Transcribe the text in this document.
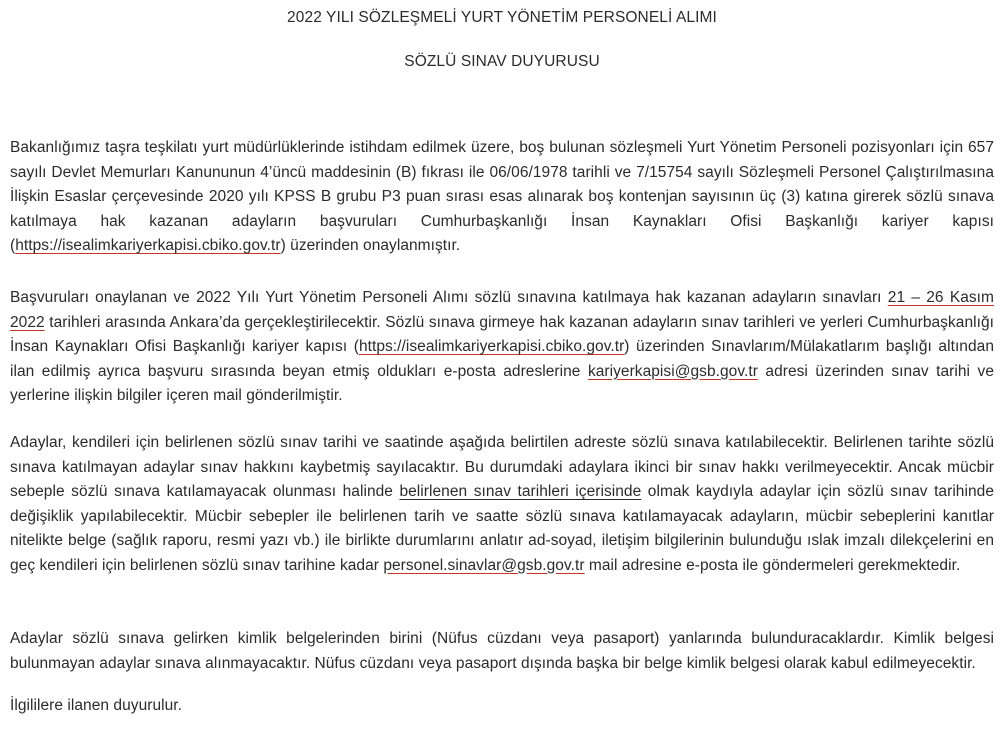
2022 YILI SÖZLEŞMELİ YURT YÖNETİM PERSONELİ ALIMI

SÖZLÜ SINAV DUYURUSU

Bakanlığımız taşra teşkilatı yurt müdürlüklerinde istihdam edilmek üzere, boş bulunan sözleşmeli Yurt Yönetim Personeli pozisyonları için 657 sayılı Devlet Memurları Kanununun 4’üncü maddesinin (B) fıkrası ile 06/06/1978 tarihli ve 7/15754 sayılı Sözleşmeli Personel Çalıştırılmasına İlişkin Esaslar çerçevesinde 2020 yılı KPSS B grubu P3 puan sırası esas alınarak boş kontenjan sayısının üç (3) katına girerek sözlü sınava katılmaya hak kazanan adayların başvuruları Cumhurbaşkanlığı İnsan Kaynakları Ofisi Başkanlığı kariyer kapısı (https://isealimkariyerkapisi.cbiko.gov.tr) üzerinden onaylanmıştır.

Başvuruları onaylanan ve 2022 Yılı Yurt Yönetim Personeli Alımı sözlü sınavına katılmaya hak kazanan adayların sınavları 21 – 26 Kasım 2022 tarihleri arasında Ankara’da gerçekleştirilecektir. Sözlü sınava girmeye hak kazanan adayların sınav tarihleri ve yerleri Cumhurbaşkanlığı İnsan Kaynakları Ofisi Başkanlığı kariyer kapısı (https://isealimkariyerkapisi.cbiko.gov.tr) üzerinden Sınavlarım/Mülakatlarım başlığı altından ilan edilmiş ayrıca başvuru sırasında beyan etmiş oldukları e-posta adreslerine kariyerkapisi@gsb.gov.tr adresi üzerinden sınav tarihi ve yerlerine ilişkin bilgiler içeren mail gönderilmiştir.

Adaylar, kendileri için belirlenen sözlü sınav tarihi ve saatinde aşağıda belirtilen adreste sözlü sınava katılabilecektir. Belirlenen tarihte sözlü sınava katılmayan adaylar sınav hakkını kaybetmiş sayılacaktır. Bu durumdaki adaylara ikinci bir sınav hakkı verilmeyecektir. Ancak mücbir sebeple sözlü sınava katılamayacak olunması halinde belirlenen sınav tarihleri içerisinde olmak kaydıyla adaylar için sözlü sınav tarihinde değişiklik yapılabilecektir. Mücbir sebepler ile belirlenen tarih ve saatte sözlü sınava katılamayacak adayların, mücbir sebeplerini kanıtlar nitelikte belge (sağlık raporu, resmi yazı vb.) ile birlikte durumlarını anlatır ad-soyad, iletişim bilgilerinin bulunduğu ıslak imzalı dilekçelerini en geç kendileri için belirlenen sözlü sınav tarihine kadar personel.sinavlar@gsb.gov.tr mail adresine e-posta ile göndermeleri gerekmektedir.

Adaylar sözlü sınava gelirken kimlik belgelerinden birini (Nüfus cüzdanı veya pasaport) yanlarında bulunduracaklardır. Kimlik belgesi bulunmayan adaylar sınava alınmayacaktır. Nüfus cüzdanı veya pasaport dışında başka bir belge kimlik belgesi olarak kabul edilmeyecektir.

İlgililere ilanen duyurulur.
